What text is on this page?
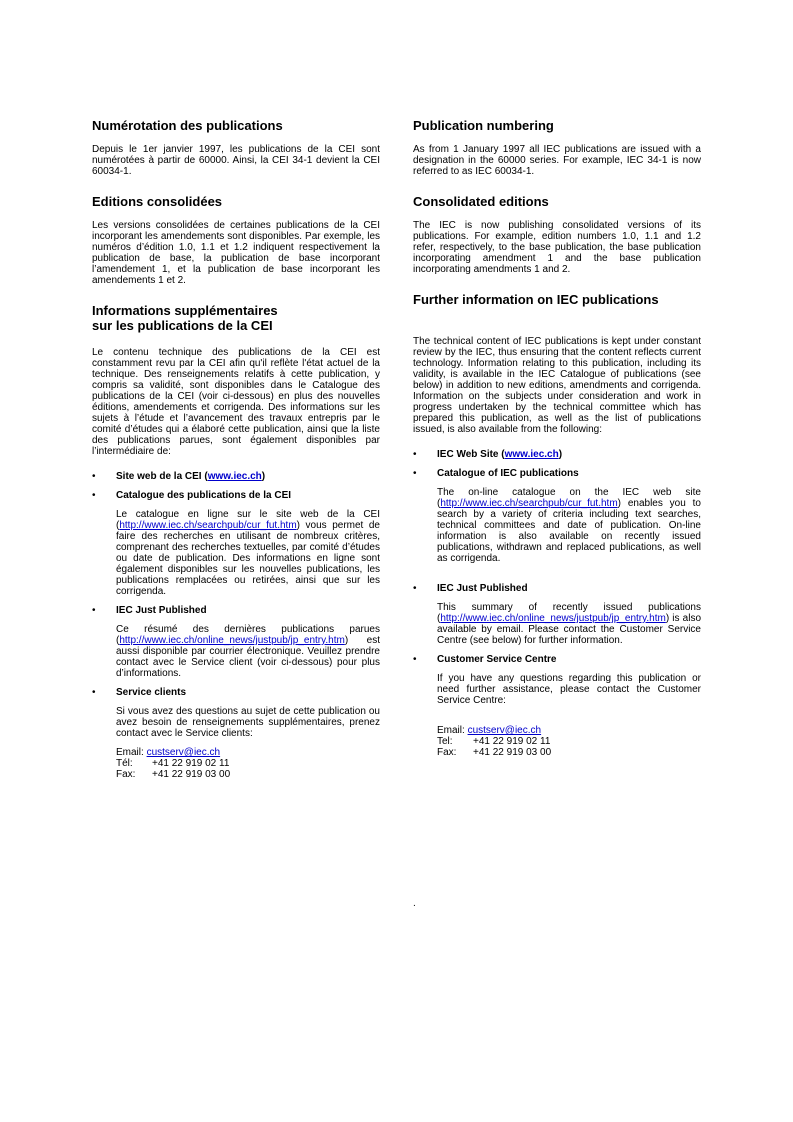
Numérotation des publications

Depuis le 1er janvier 1997, les publications de la CEI sont numérotées à partir de 60000. Ainsi, la CEI 34-1 devient la CEI 60034-1.

Editions consolidées

Les versions consolidées de certaines publications de la CEI incorporant les amendements sont disponibles. Par exemple, les numéros d’édition 1.0, 1.1 et 1.2 indiquent respectivement la publication de base, la publication de base incorporant l’amendement 1, et la publication de base incorporant les amendements 1 et 2.

Informations supplémentaires
sur les publications de la CEI

Le contenu technique des publications de la CEI est constamment revu par la CEI afin qu'il reflète l'état actuel de la technique. Des renseignements relatifs à cette publication, y compris sa validité, sont disponibles dans le Catalogue des publications de la CEI (voir ci-dessous) en plus des nouvelles éditions, amendements et corrigenda. Des informations sur les sujets à l’étude et l’avancement des travaux entrepris par le comité d’études qui a élaboré cette publication, ainsi que la liste des publications parues, sont également disponibles par l’intermédiaire de:

• Site web de la CEI (www.iec.ch)

• Catalogue des publications de la CEI

Le catalogue en ligne sur le site web de la CEI (http://www.iec.ch/searchpub/cur_fut.htm) vous permet de faire des recherches en utilisant de nombreux critères, comprenant des recherches textuelles, par comité d’études ou date de publication. Des informations en ligne sont également disponibles sur les nouvelles publications, les publications remplacées ou retirées, ainsi que sur les corrigenda.

• IEC Just Published

Ce résumé des dernières publications parues (http://www.iec.ch/online_news/justpub/jp_entry.htm) est aussi disponible par courrier électronique. Veuillez prendre contact avec le Service client (voir ci-dessous) pour plus d’informations.

• Service clients

Si vous avez des questions au sujet de cette publication ou avez besoin de renseignements supplémentaires, prenez contact avec le Service clients:

Email: custserv@iec.ch
Tél: +41 22 919 02 11
Fax: +41 22 919 03 00
Publication numbering

As from 1 January 1997 all IEC publications are issued with a designation in the 60000 series. For example, IEC 34-1 is now referred to as IEC 60034-1.

Consolidated editions

The IEC is now publishing consolidated versions of its publications. For example, edition numbers 1.0, 1.1 and 1.2 refer, respectively, to the base publication, the base publication incorporating amendment 1 and the base publication incorporating amendments 1 and 2.

Further information on IEC publications

The technical content of IEC publications is kept under constant review by the IEC, thus ensuring that the content reflects current technology. Information relating to this publication, including its validity, is available in the IEC Catalogue of publications (see below) in addition to new editions, amendments and corrigenda. Information on the subjects under consideration and work in progress undertaken by the technical committee which has prepared this publication, as well as the list of publications issued, is also available from the following:

• IEC Web Site (www.iec.ch)

• Catalogue of IEC publications

The on-line catalogue on the IEC web site (http://www.iec.ch/searchpub/cur_fut.htm) enables you to search by a variety of criteria including text searches, technical committees and date of publication. On-line information is also available on recently issued publications, withdrawn and replaced publications, as well as corrigenda.

• IEC Just Published

This summary of recently issued publications (http://www.iec.ch/online_news/justpub/jp_entry.htm) is also available by email. Please contact the Customer Service Centre (see below) for further information.

• Customer Service Centre

If you have any questions regarding this publication or need further assistance, please contact the Customer Service Centre:

Email: custserv@iec.ch
Tel: +41 22 919 02 11
Fax: +41 22 919 03 00
.
